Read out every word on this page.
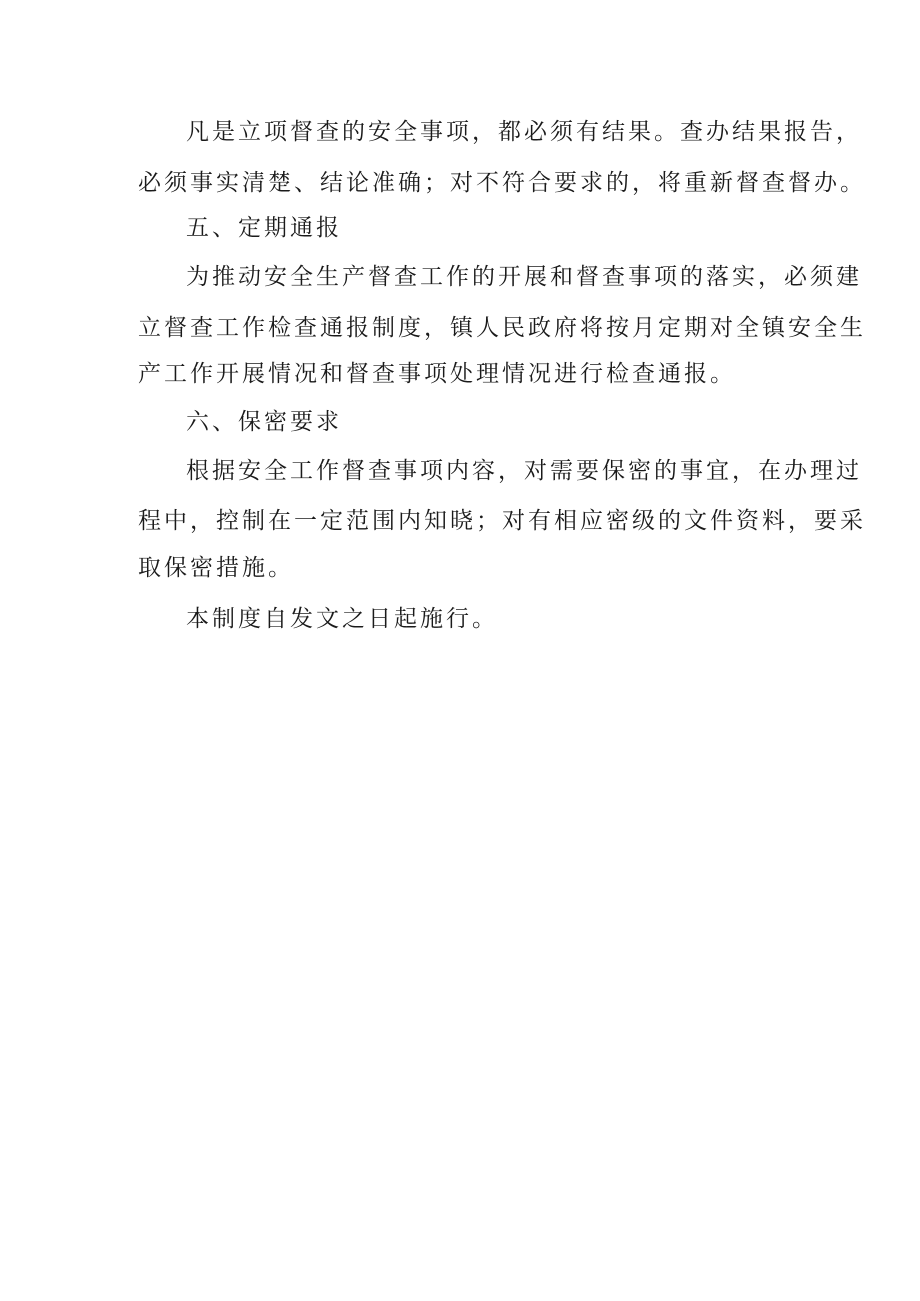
凡是立项督查的安全事项，都必须有结果。查办结果报告，
必须事实清楚、结论准确；对不符合要求的，将重新督查督办。
五、定期通报
为推动安全生产督查工作的开展和督查事项的落实，必须建
立督查工作检查通报制度，镇人民政府将按月定期对全镇安全生
产工作开展情况和督查事项处理情况进行检查通报。
六、保密要求
根据安全工作督查事项内容，对需要保密的事宜，在办理过
程中，控制在一定范围内知晓；对有相应密级的文件资料，要采
取保密措施。
本制度自发文之日起施行。
